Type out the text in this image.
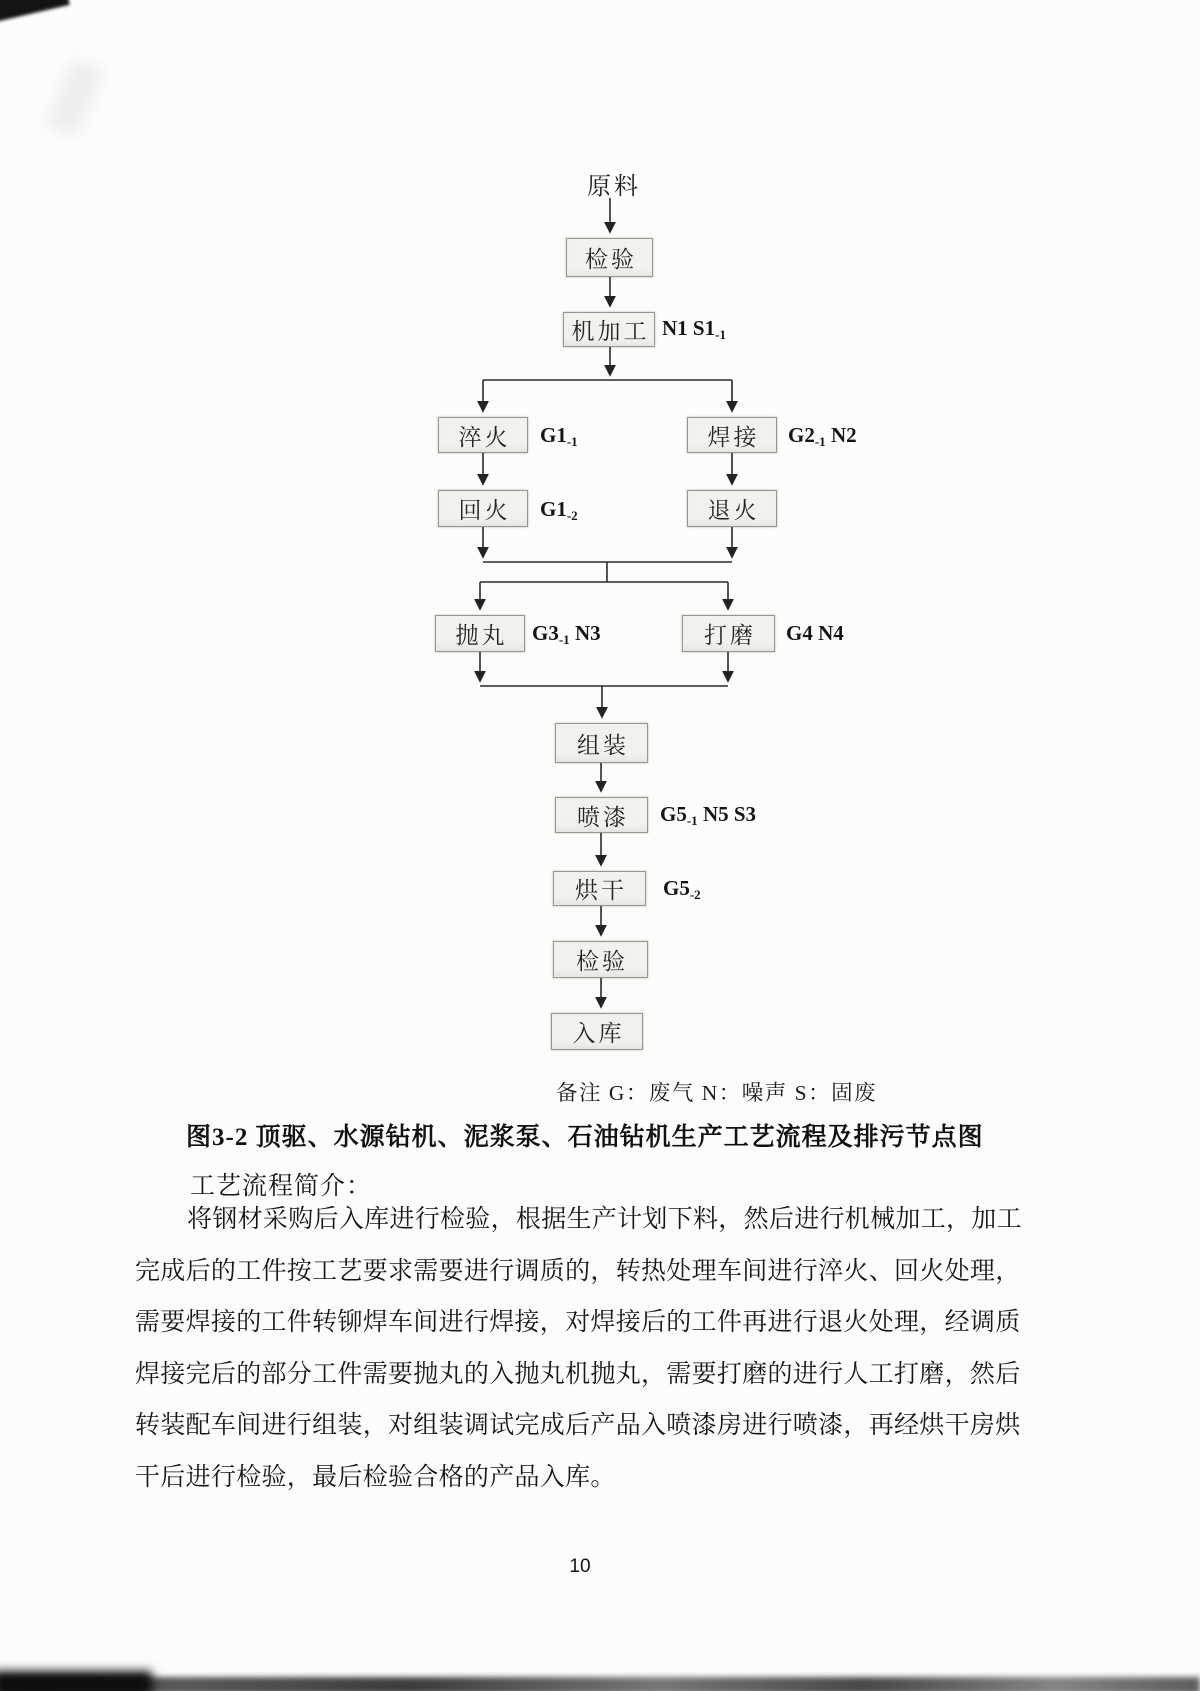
原料
检验
机加工 N1 $S1_{-1}$
淬火	$G1_{-1}$	焊接	$G2_{-1}$ N2
回火	$G1_{-2}$	退火
抛丸	$G3_{-1}$ N3	打磨	G4 N4
组装
喷漆	$G5_{-1}$ N5 S3
烘干	$G5_{-2}$
检验
入库
备注 G：废气 N：噪声 S：固废
图3-2 顶驱、水源钻机、泥浆泵、石油钻机生产工艺流程及排污节点图
工艺流程简介：
将钢材采购后入库进行检验，根据生产计划下料，然后进行机械加工，加工
完成后的工件按工艺要求需要进行调质的，转热处理车间进行淬火、回火处理，
需要焊接的工件转铆焊车间进行焊接，对焊接后的工件再进行退火处理，经调质
焊接完后的部分工件需要抛丸的入抛丸机抛丸，需要打磨的进行人工打磨，然后
转装配车间进行组装，对组装调试完成后产品入喷漆房进行喷漆，再经烘干房烘
干后进行检验，最后检验合格的产品入库。
10
